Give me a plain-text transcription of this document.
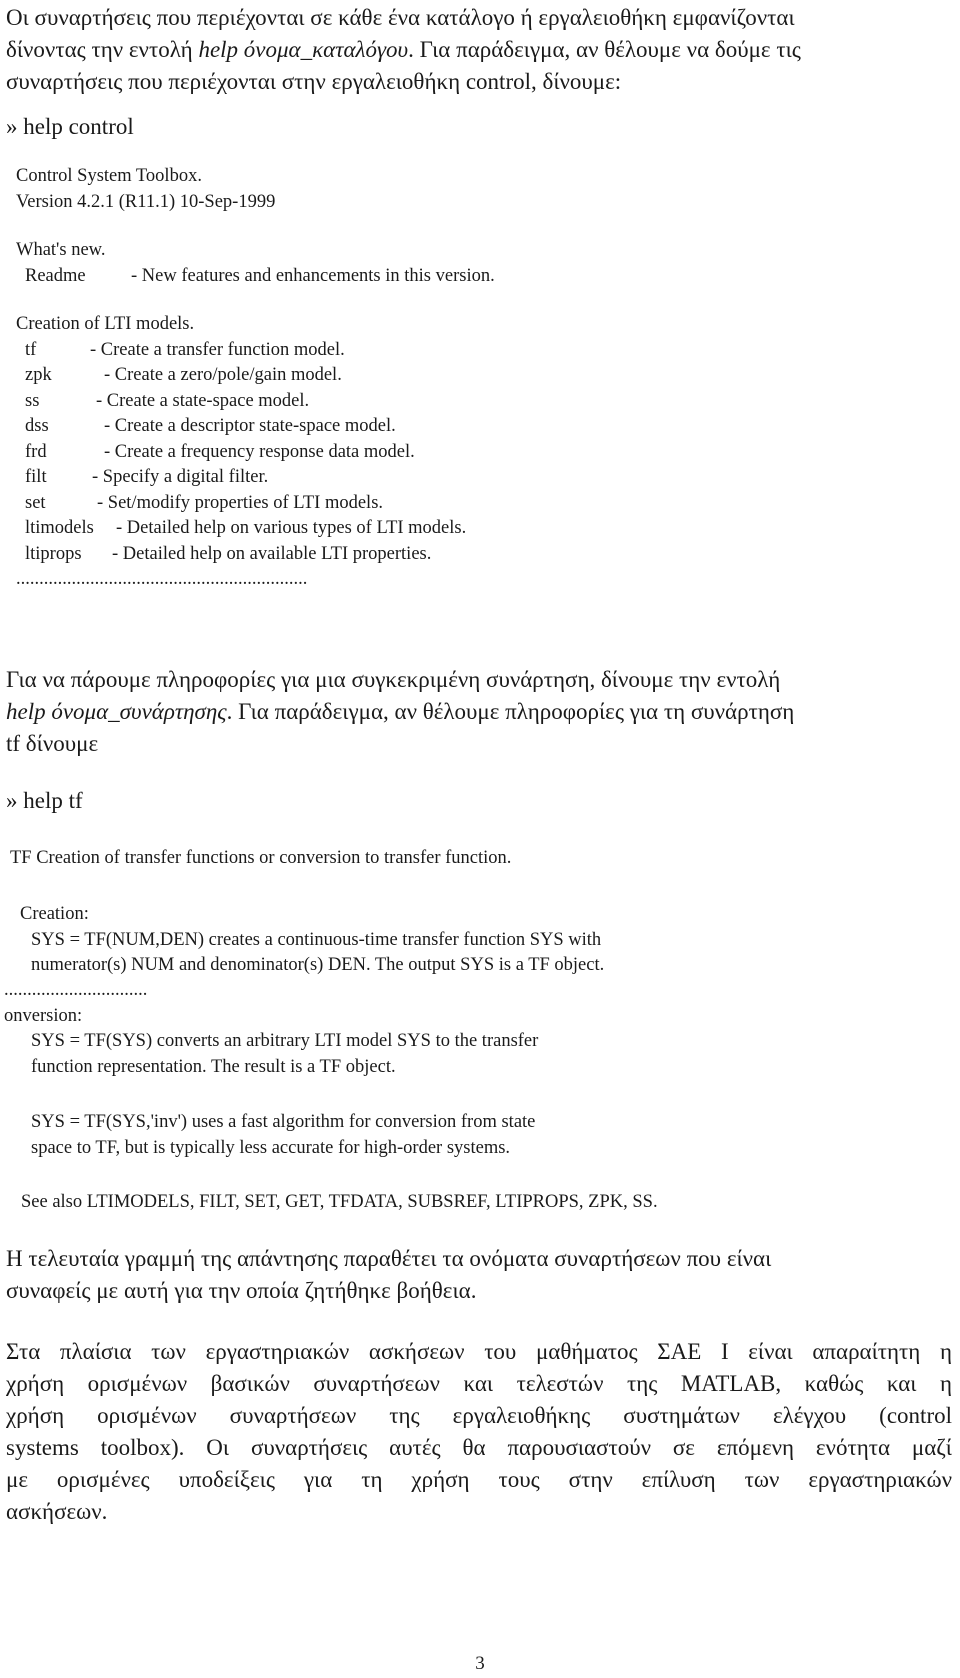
Οι συναρτήσεις που περιέχονται σε κάθε ένα κατάλογο ή εργαλειοθήκη εμφανίζονται
δίνοντας την εντολή help όνομα_καταλόγου. Για παράδειγμα, αν θέλουμε να δούμε τις
συναρτήσεις που περιέχονται στην εργαλειοθήκη control, δίνουμε:
» help control
Control System Toolbox.
Version 4.2.1 (R11.1) 10-Sep-1999
What's new.
Readme - New features and enhancements in this version.
Creation of LTI models.
tf	- Create a transfer function model.
zpk	- Create a zero/pole/gain model.
ss	- Create a state-space model.
dss	- Create a descriptor state-space model.
frd	- Create a frequency response data model.
filt - Specify a digital filter.
set	- Set/modify properties of LTI models.
ltimodels - Detailed help on various types of LTI models.
ltiprops - Detailed help on available LTI properties.
...............................................................
Για να πάρουμε πληροφορίες για μια συγκεκριμένη συνάρτηση, δίνουμε την εντολή
help όνομα_συνάρτησης. Για παράδειγμα, αν θέλουμε πληροφορίες για τη συνάρτηση
tf δίνουμε
» help tf
TF Creation of transfer functions or conversion to transfer function.
Creation:
SYS = TF(NUM,DEN) creates a continuous-time transfer function SYS with
numerator(s) NUM and denominator(s) DEN. The output SYS is a TF object.
...............................
onversion:
SYS = TF(SYS) converts an arbitrary LTI model SYS to the transfer
function representation. The result is a TF object.
SYS = TF(SYS,'inv') uses a fast algorithm for conversion from state
space to TF, but is typically less accurate for high-order systems.
See also LTIMODELS, FILT, SET, GET, TFDATA, SUBSREF, LTIPROPS, ZPK, SS.
Η τελευταία γραμμή της απάντησης παραθέτει τα ονόματα συναρτήσεων που είναι
συναφείς με αυτή για την οποία ζητήθηκε βοήθεια.
Στα πλαίσια των εργαστηριακών ασκήσεων του μαθήματος ΣΑΕ Ι είναι απαραίτητη η
χρήση ορισμένων βασικών συναρτήσεων και τελεστών της MATLAB, καθώς και η
χρήση ορισμένων συναρτήσεων της εργαλειοθήκης συστημάτων ελέγχου (control
systems toolbox). Οι συναρτήσεις αυτές θα παρουσιαστούν σε επόμενη ενότητα μαζί
με ορισμένες υποδείξεις για τη χρήση τους στην επίλυση των εργαστηριακών
ασκήσεων.
3
